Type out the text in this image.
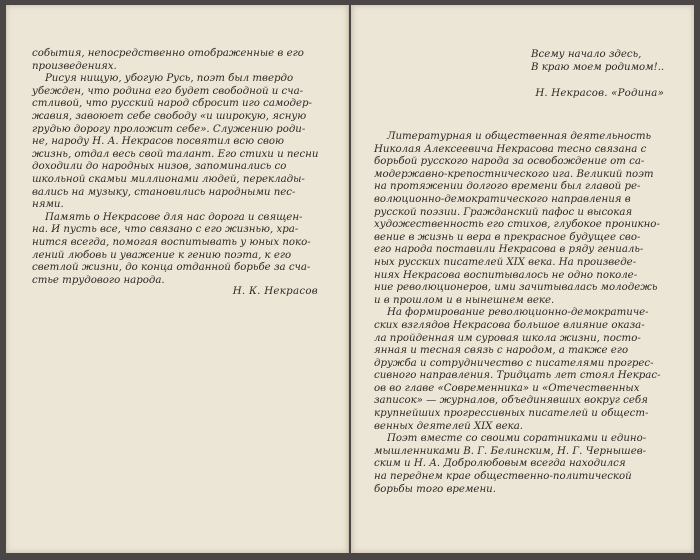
события, непосредственно отображенные в его
произведениях.
Рисуя нищую, убогую Русь, поэт был твердо
убежден, что родина его будет свободной и сча-
стливой, что русский народ сбросит иго самодер-
жавия, завоюет себе свободу «и широкую, ясную
грудью дорогу проложит себе». Служению роди-
не, народу Н. А. Некрасов посвятил всю свою
жизнь, отдал весь свой талант. Его стихи и песни
доходили до народных низов, запоминались со
школьной скамьи миллионами людей, переклады-
вались на музыку, становились народными пес-
нями.
Память о Некрасове для нас дорога и священ-
на. И пусть все, что связано с его жизнью, хра-
нится всегда, помогая воспитывать у юных поко-
лений любовь и уважение к гению поэта, к его
светлой жизни, до конца отданной борьбе за сча-
стье трудового народа.

Н. К. Некрасов

Всему начало здесь,
В краю моем родимом!..

Н. Некрасов. «Родина»

Литературная и общественная деятельность
Николая Алексеевича Некрасова тесно связана с
борьбой русского народа за освобождение от са-
модержавно-крепостнического ига. Великий поэт
на протяжении долгого времени был главой ре-
волюционно-демократического направления в
русской поэзии. Гражданский пафос и высокая
художественность его стихов, глубокое проникно-
вение в жизнь и вера в прекрасное будущее сво-
его народа поставили Некрасова в ряду гениаль-
ных русских писателей XIX века. На произведе-
ниях Некрасова воспитывалось не одно поколе-
ние революционеров, ими зачитывалась молодежь
и в прошлом и в нынешнем веке.
На формирование революционно-демократиче-
ских взглядов Некрасова большое влияние оказа-
ла пройденная им суровая школа жизни, посто-
янная и тесная связь с народом, а также его
дружба и сотрудничество с писателями прогрес-
сивного направления. Тридцать лет стоял Некрас-
ов во главе «Современника» и «Отечественных
записок» — журналов, объединявших вокруг себя
крупнейших прогрессивных писателей и общест-
венных деятелей XIX века.
Поэт вместе со своими соратниками и едино-
мышленниками В. Г. Белинским, Н. Г. Чернышев-
ским и Н. А. Добролюбовым всегда находился
на переднем крае общественно-политической
борьбы того времени.
